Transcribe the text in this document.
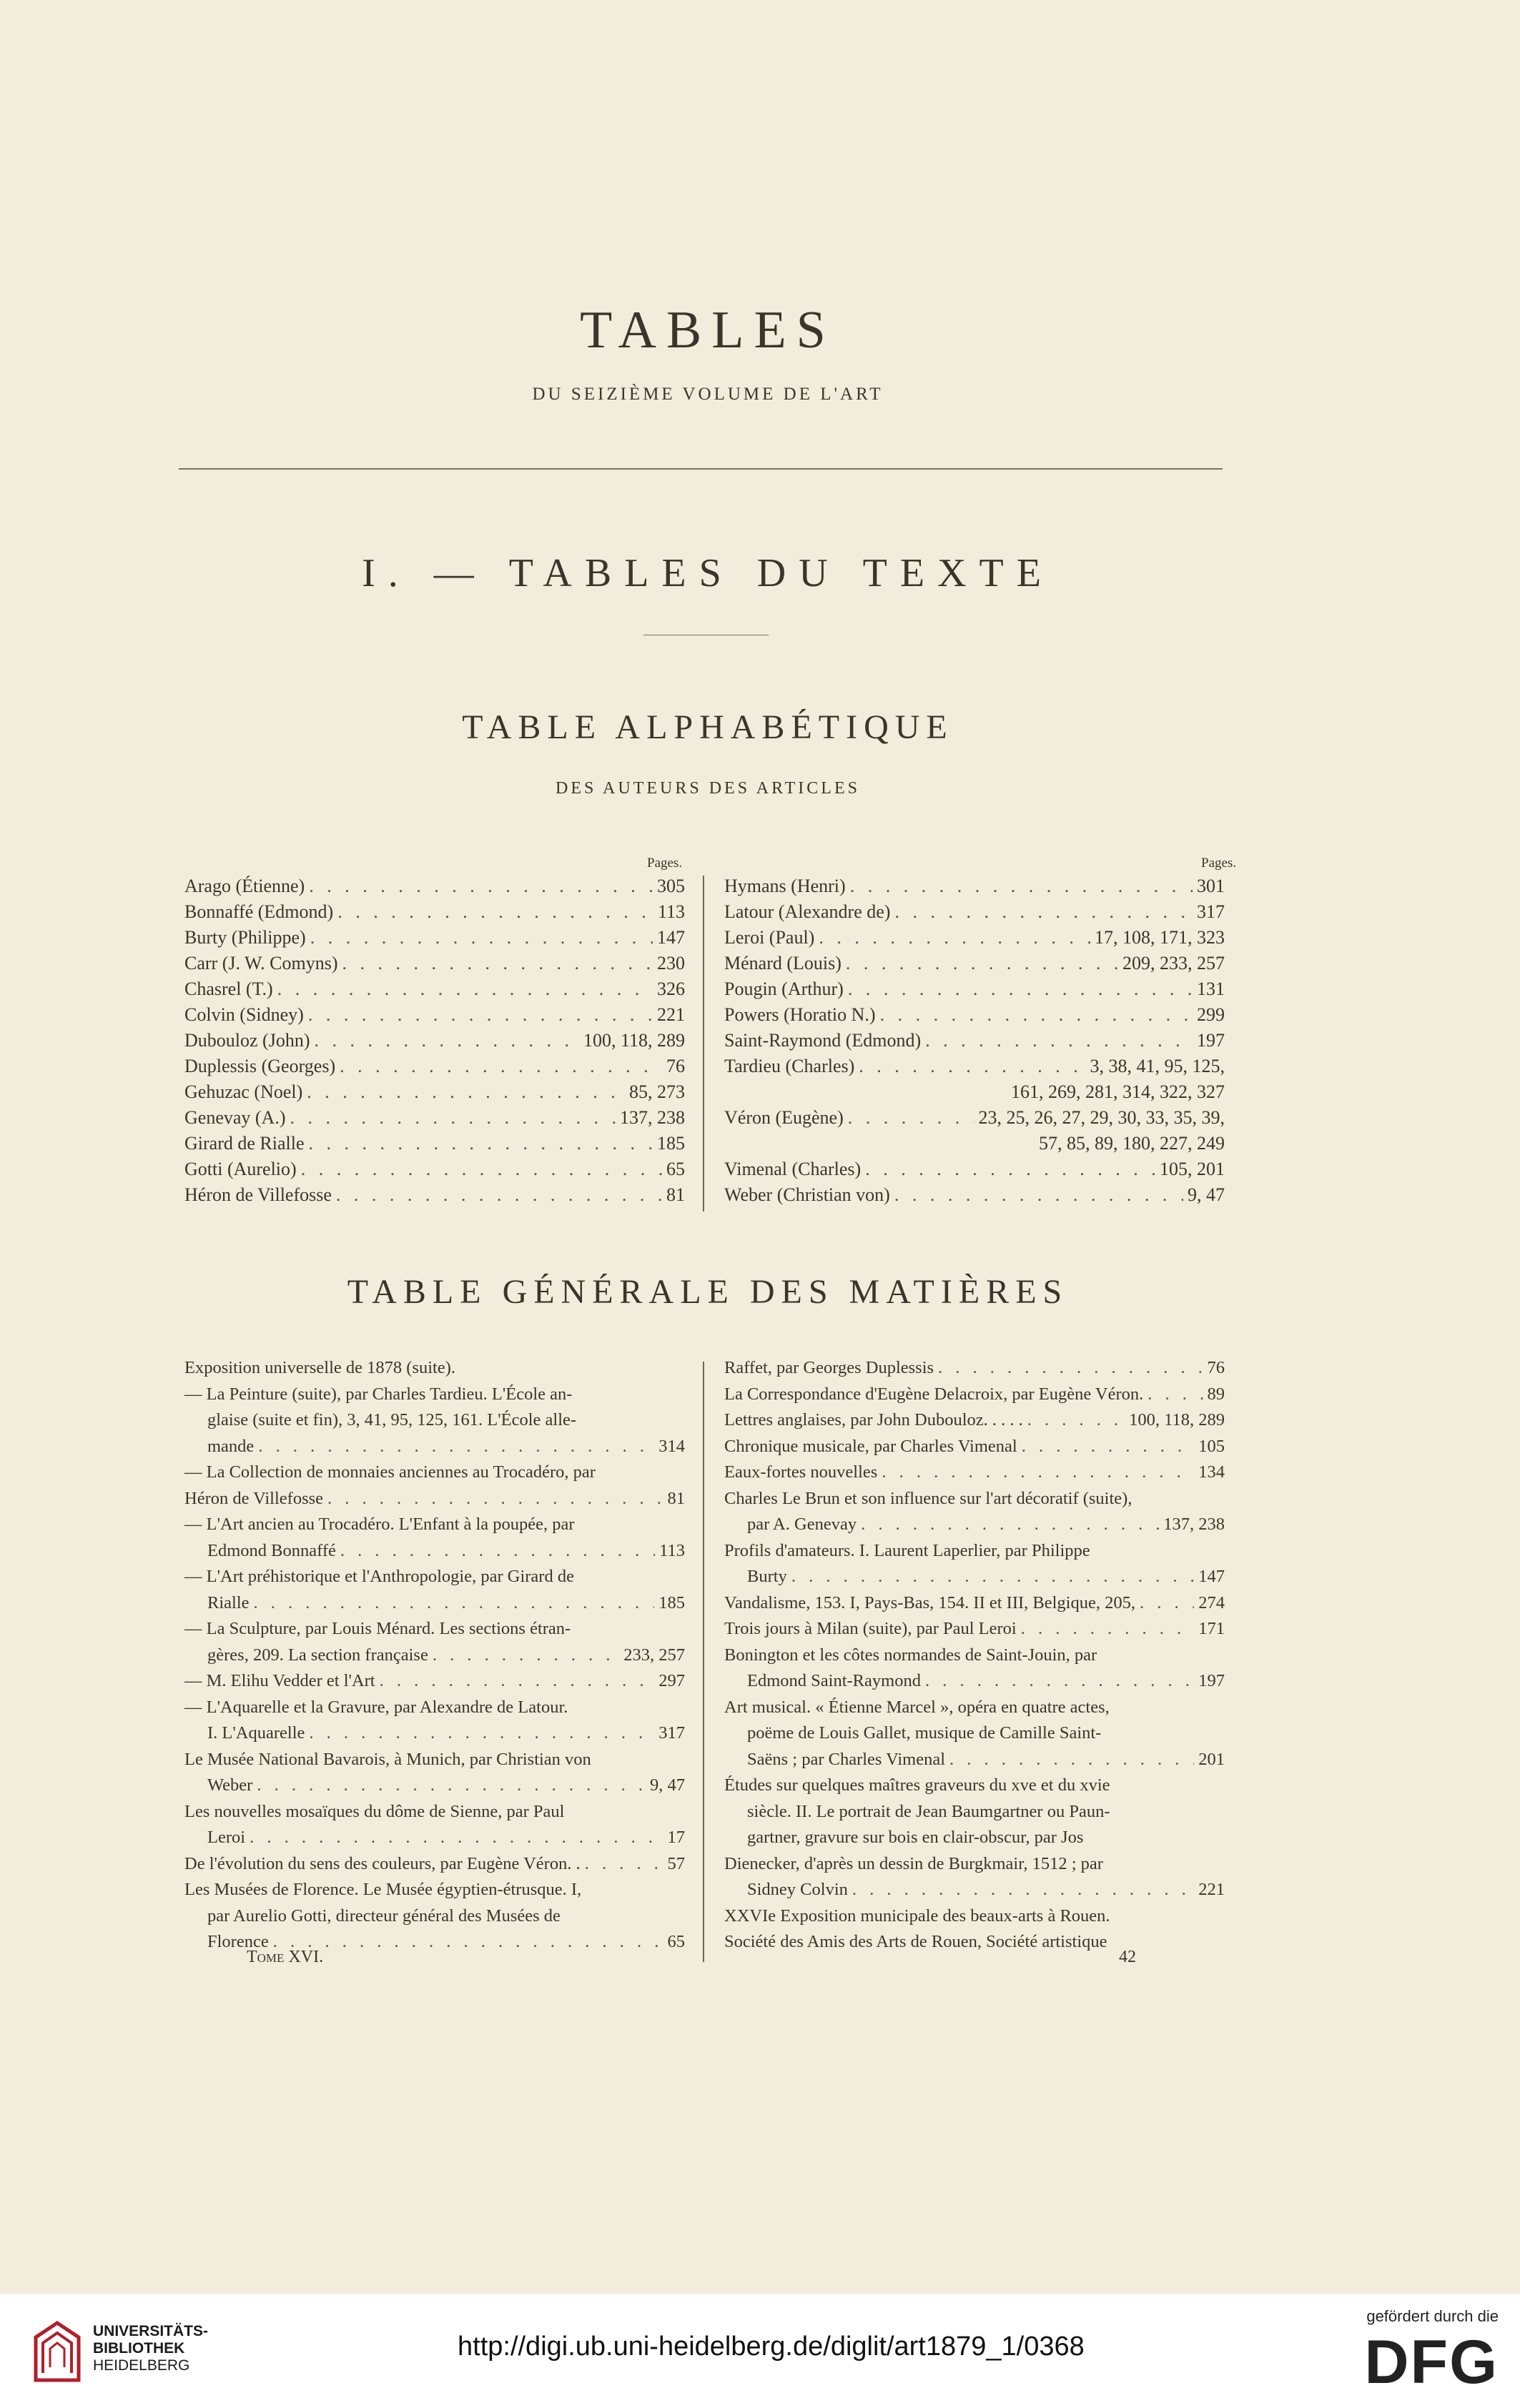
TABLES
DU SEIZIÈME VOLUME DE L'ART
I. — TABLES DU TEXTE
TABLE ALPHABÉTIQUE
DES AUTEURS DES ARTICLES
Pages.	Pages.
Arago (Étienne) . . .	305
Bonnaffé (Edmond) . . .	113
Burty (Philippe) . . .	147
Carr (J. W. Comyns) . . .	230
Chasrel (T.) . . .	326
Colvin (Sidney) . . .	221
Dubouloz (John) . . .	100, 118, 289
Duplessis (Georges) . . .	76
Gehuzac (Noel) . . .	85, 273
Genevay (A.) . . .	137, 238
Girard de Rialle . . .	185
Gotti (Aurelio) . . .	65
Héron de Villefosse . . .	81
Hymans (Henri) . . .	301
Latour (Alexandre de) . . .	317
Leroi (Paul) . . .	17, 108, 171, 323
Ménard (Louis) . . .	209, 233, 257
Pougin (Arthur) . . .	131
Powers (Horatio N.) . . .	299
Saint-Raymond (Edmond) . . .	197
Tardieu (Charles) . . .	3, 38, 41, 95, 125,
161, 269, 281, 314, 322, 327
Véron (Eugène) . . .	23, 25, 26, 27, 29, 30, 33, 35, 39,
57, 85, 89, 180, 227, 249
Vimenal (Charles) . . .	105, 201
Weber (Christian von) . . .	9, 47
TABLE GÉNÉRALE DES MATIÈRES
Exposition universelle de 1878 (suite).
— La Peinture (suite), par Charles Tardieu. L'École an-
glaise (suite et fin), 3, 41, 95, 125, 161. L'École alle-
mande . . .	314
— La Collection de monnaies anciennes au Trocadéro, par
Héron de Villefosse . . .	81
— L'Art ancien au Trocadéro. L'Enfant à la poupée, par
Edmond Bonnaffé . . .	113
— L'Art préhistorique et l'Anthropologie, par Girard de
Rialle . . .	185
— La Sculpture, par Louis Ménard. Les sections étran-
gères, 209. La section française . . .	233, 257
— M. Elihu Vedder et l'Art . . .	297
— L'Aquarelle et la Gravure, par Alexandre de Latour.
I. L'Aquarelle . . .	317
Le Musée National Bavarois, à Munich, par Christian von
Weber . . .	9, 47
Les nouvelles mosaïques du dôme de Sienne, par Paul
Leroi . . .	17
De l'évolution du sens des couleurs, par Eugène Véron. . . . .	57
Les Musées de Florence. Le Musée égyptien-étrusque. I,
par Aurelio Gotti, directeur général des Musées de
Florence . . .	65
Raffet, par Georges Duplessis . . .	76
La Correspondance d'Eugène Delacroix, par Eugène Véron. . . .	89
Lettres anglaises, par John Dubouloz. . . . . . . .	100, 118, 289
Chronique musicale, par Charles Vimenal . . .	105
Eaux-fortes nouvelles . . .	134
Charles Le Brun et son influence sur l'art décoratif (suite),
par A. Genevay . . .	137, 238
Profils d'amateurs. I. Laurent Laperlier, par Philippe
Burty . . .	147
Vandalisme, 153. I, Pays-Bas, 154. II et III, Belgique, 205, . . .	274
Trois jours à Milan (suite), par Paul Leroi . . .	171
Bonington et les côtes normandes de Saint-Jouin, par
Edmond Saint-Raymond . . .	197
Art musical. « Étienne Marcel », opéra en quatre actes,
poëme de Louis Gallet, musique de Camille Saint-
Saëns ; par Charles Vimenal . . .	201
Études sur quelques maîtres graveurs du xve et du xvie
siècle. II. Le portrait de Jean Baumgartner ou Paun-
gartner, gravure sur bois en clair-obscur, par Jos
Dienecker, d'après un dessin de Burgkmair, 1512 ; par
Sidney Colvin . . .	221
XXVIe Exposition municipale des beaux-arts à Rouen.
Société des Amis des Arts de Rouen, Société artistique
Tome XVI.	42
UNIVERSITÄTS-
BIBLIOTHEK
HEIDELBERG
http://digi.ub.uni-heidelberg.de/diglit/art1879_1/0368
gefördert durch die
DFG
